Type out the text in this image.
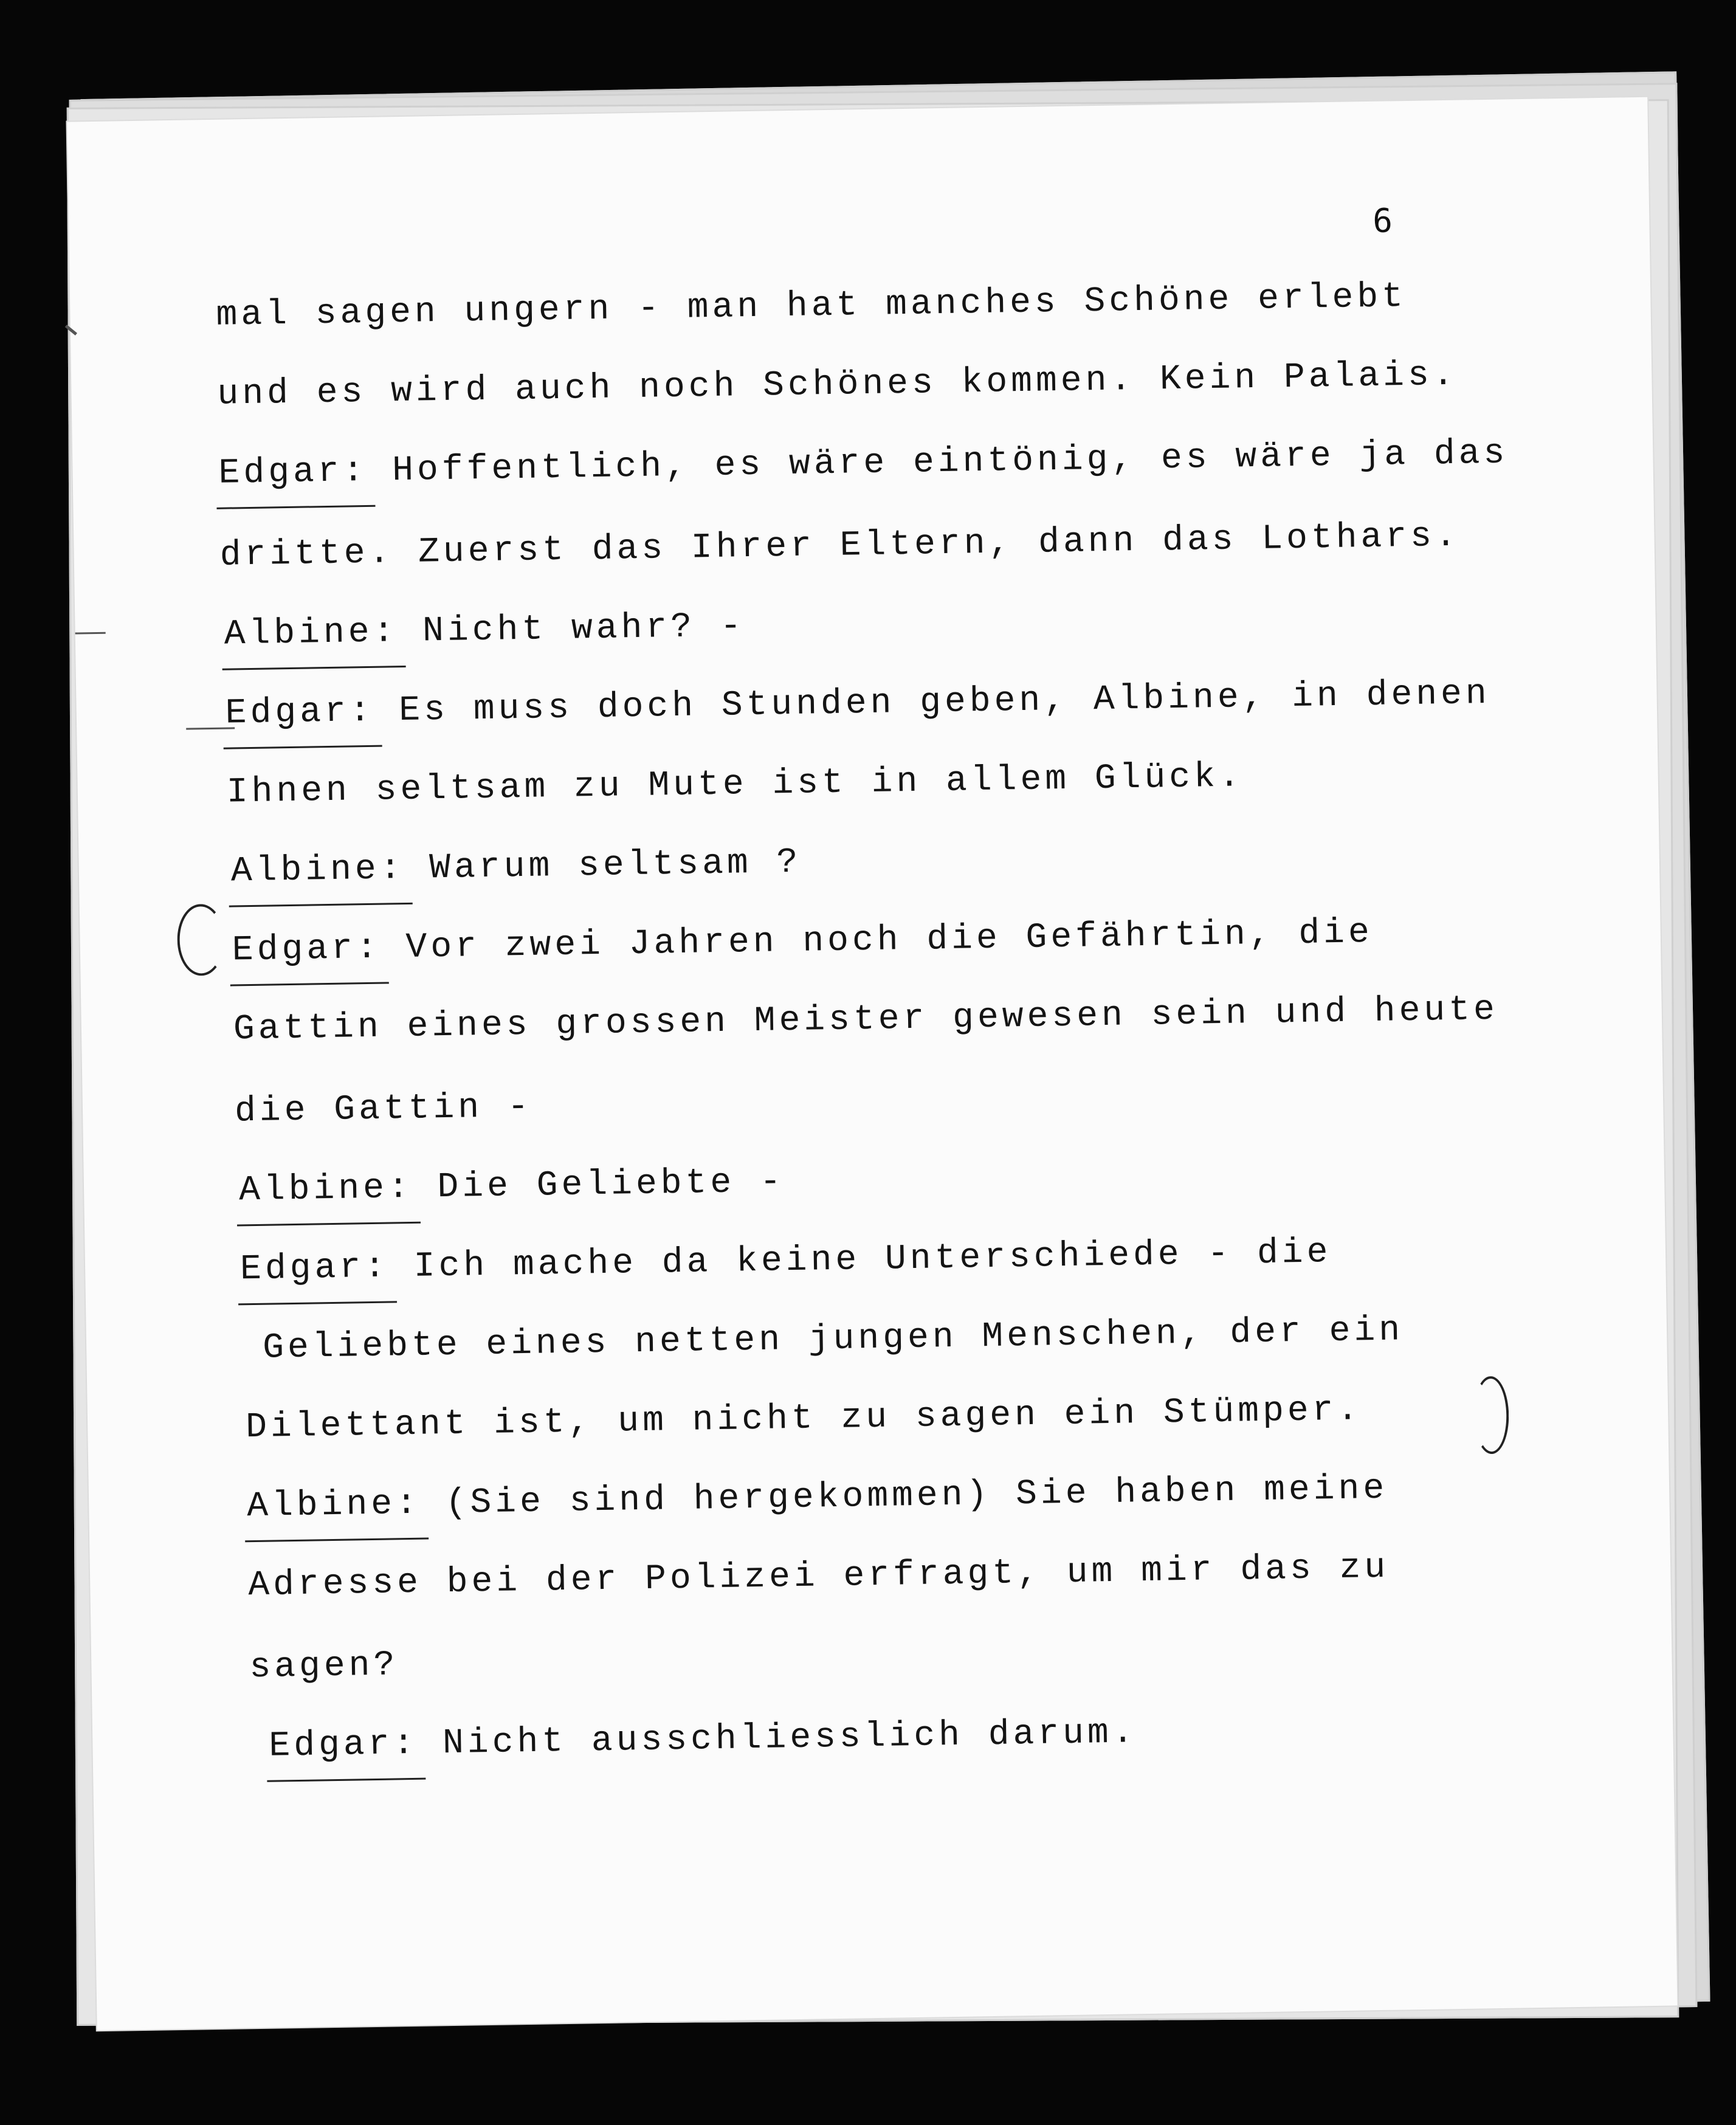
6
mal sagen ungern - man hat manches Schöne erlebt
und es wird auch noch Schönes kommen. Kein Palais.
Edgar: Hoffentlich, es wäre eintönig, es wäre ja das
dritte. Zuerst das Ihrer Eltern, dann das Lothars.
Albine: Nicht wahr? -
Edgar: Es muss doch Stunden geben, Albine, in denen
Ihnen seltsam zu Mute ist in allem Glück.
Albine: Warum seltsam ?
Edgar: Vor zwei Jahren noch die Gefährtin, die
Gattin eines grossen Meister gewesen sein und heute
die Gattin -
Albine: Die Geliebte -
Edgar: Ich mache da keine Unterschiede - die
Geliebte eines netten jungen Menschen, der ein
Dilettant ist, um nicht zu sagen ein Stümper.
Albine: (Sie sind hergekommen) Sie haben meine
Adresse bei der Polizei erfragt, um mir das zu
sagen?
Edgar: Nicht ausschliesslich darum.
